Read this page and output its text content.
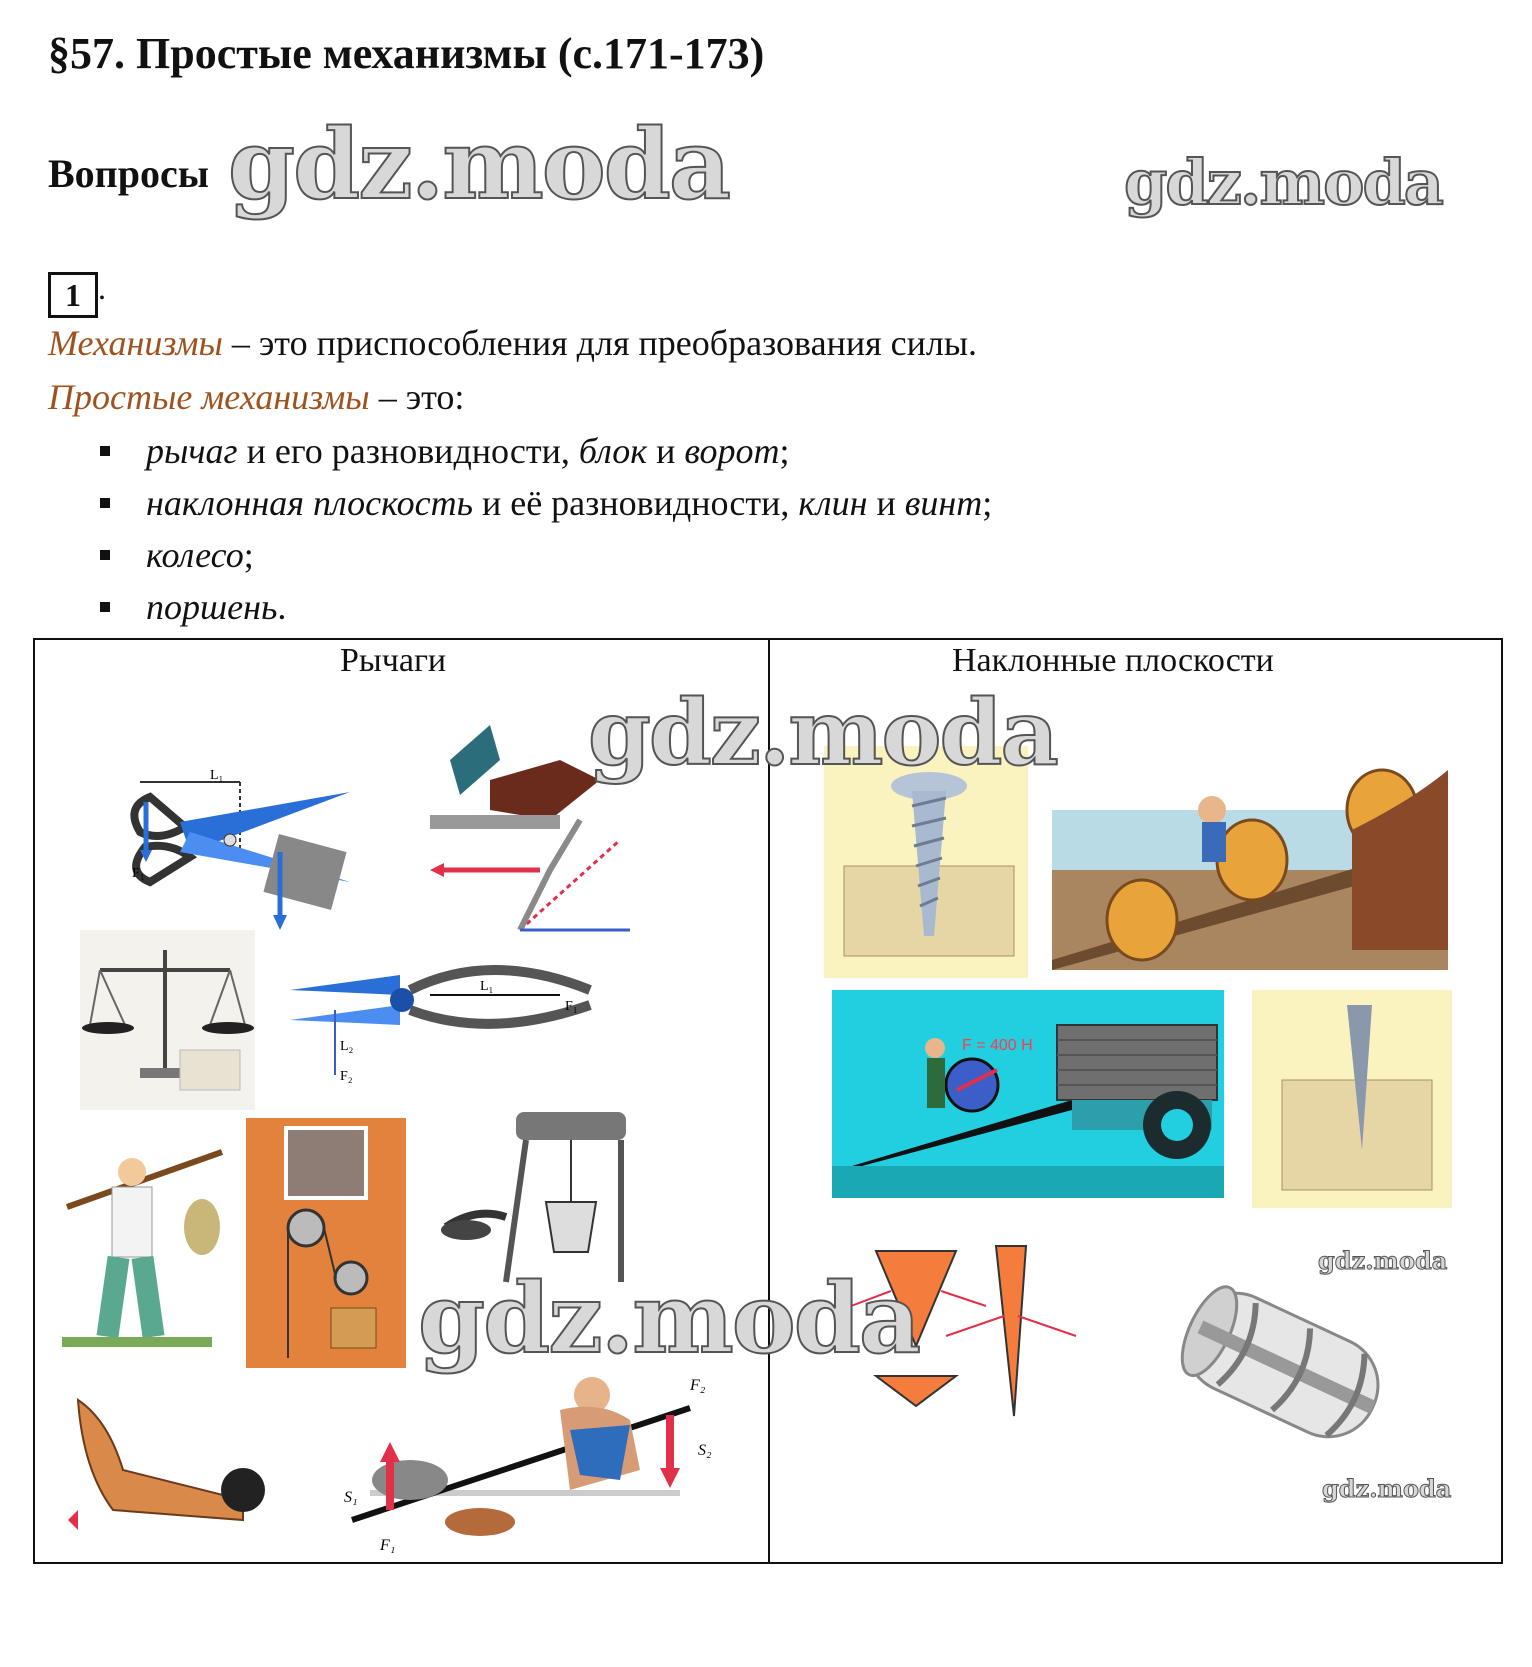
§57. Простые механизмы (с.171-173)
Вопросы gdz.moda	gdz.moda
1 .
Механизмы – это приспособления для преобразования силы.
Простые механизмы – это:
рычаг и его разновидности, блок и ворот;
наклонная плоскость и её разновидности, клин и винт;
колесо;
поршень.
Рычаги	Наклонные плоскости
F₁
L₁
L₁
F₁
L₂
F₂
S₁
F₁
F₂
S₂
F = 400 Н
gdz.moda
gdz.moda
gdz.moda
gdz.moda
